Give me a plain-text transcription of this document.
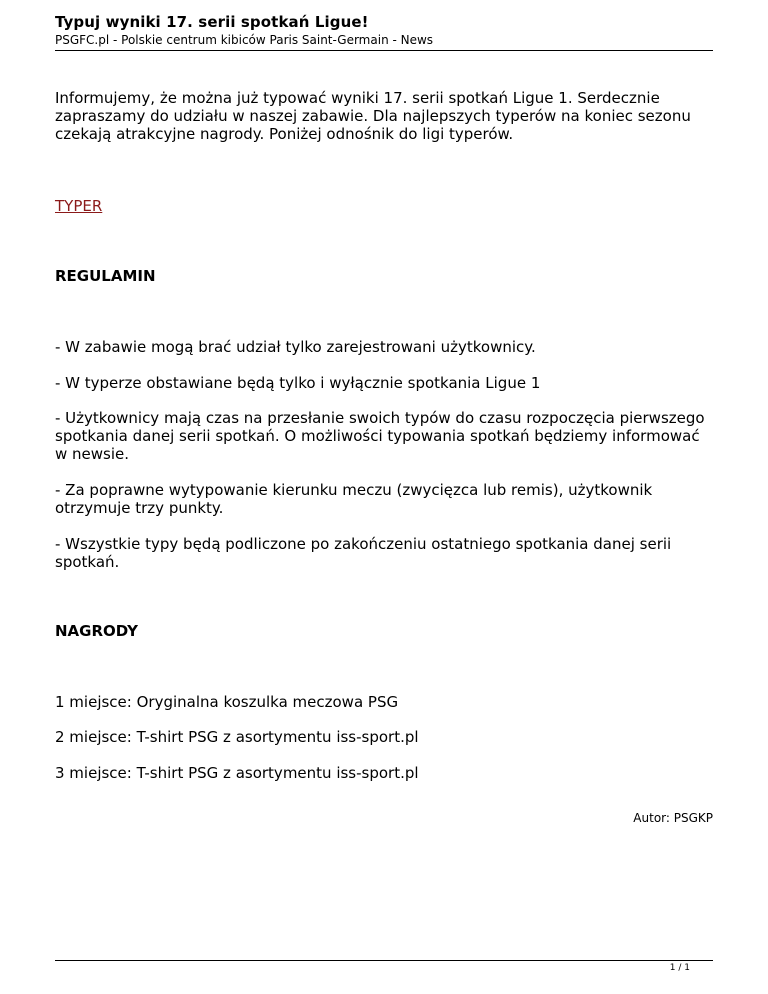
Typuj wyniki 17. serii spotkań Ligue!
PSGFC.pl - Polskie centrum kibiców Paris Saint-Germain - News

Informujemy, że można już typować wyniki 17. serii spotkań Ligue 1. Serdecznie zapraszamy do udziału w naszej zabawie. Dla najlepszych typerów na koniec sezonu czekają atrakcyjne nagrody. Poniżej odnośnik do ligi typerów.

TYPER

REGULAMIN

- W zabawie mogą brać udział tylko zarejestrowani użytkownicy.

- W typerze obstawiane będą tylko i wyłącznie spotkania Ligue 1

- Użytkownicy mają czas na przesłanie swoich typów do czasu rozpoczęcia pierwszego spotkania danej serii spotkań. O możliwości typowania spotkań będziemy informować w newsie.

- Za poprawne wytypowanie kierunku meczu (zwycięzca lub remis), użytkownik otrzymuje trzy punkty.

- Wszystkie typy będą podliczone po zakończeniu ostatniego spotkania danej serii spotkań.

NAGRODY

1 miejsce: Oryginalna koszulka meczowa PSG

2 miejsce: T-shirt PSG z asortymentu iss-sport.pl

3 miejsce: T-shirt PSG z asortymentu iss-sport.pl

Autor: PSGKP
1 / 1
